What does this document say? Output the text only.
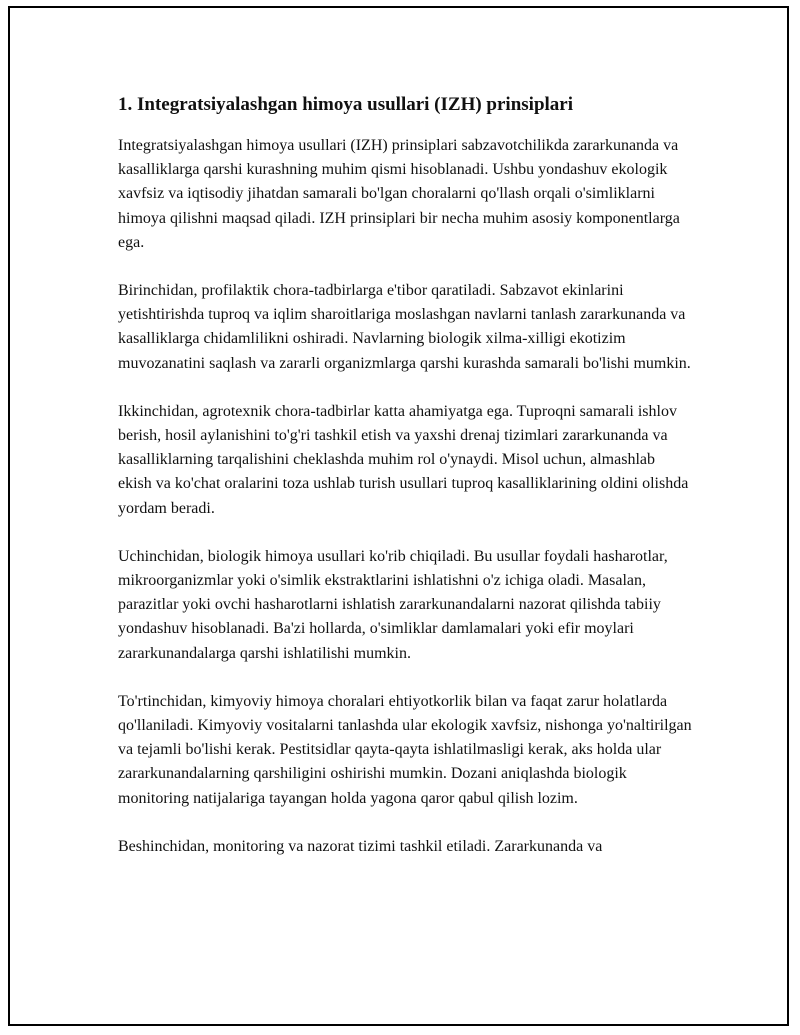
1. Integratsiyalashgan himoya usullari (IZH) prinsiplari

Integratsiyalashgan himoya usullari (IZH) prinsiplari sabzavotchilikda zararkunanda va kasalliklarga qarshi kurashning muhim qismi hisoblanadi. Ushbu yondashuv ekologik xavfsiz va iqtisodiy jihatdan samarali bo'lgan choralarni qo'llash orqali o'simliklarni himoya qilishni maqsad qiladi. IZH prinsiplari bir necha muhim asosiy komponentlarga ega.

Birinchidan, profilaktik chora-tadbirlarga e'tibor qaratiladi. Sabzavot ekinlarini yetishtirishda tuproq va iqlim sharoitlariga moslashgan navlarni tanlash zararkunanda va kasalliklarga chidamlilikni oshiradi. Navlarning biologik xilma-xilligi ekotizim muvozanatini saqlash va zararli organizmlarga qarshi kurashda samarali bo'lishi mumkin.

Ikkinchidan, agrotexnik chora-tadbirlar katta ahamiyatga ega. Tuproqni samarali ishlov berish, hosil aylanishini to'g'ri tashkil etish va yaxshi drenaj tizimlari zararkunanda va kasalliklarning tarqalishini cheklashda muhim rol o'ynaydi. Misol uchun, almashlab ekish va ko'chat oralarini toza ushlab turish usullari tuproq kasalliklarining oldini olishda yordam beradi.

Uchinchidan, biologik himoya usullari ko'rib chiqiladi. Bu usullar foydali hasharotlar, mikroorganizmlar yoki o'simlik ekstraktlarini ishlatishni o'z ichiga oladi. Masalan, parazitlar yoki ovchi hasharotlarni ishlatish zararkunandalarni nazorat qilishda tabiiy yondashuv hisoblanadi. Ba'zi hollarda, o'simliklar damlamalari yoki efir moylari zararkunandalarga qarshi ishlatilishi mumkin.

To'rtinchidan, kimyoviy himoya choralari ehtiyotkorlik bilan va faqat zarur holatlarda qo'llaniladi. Kimyoviy vositalarni tanlashda ular ekologik xavfsiz, nishonga yo'naltirilgan va tejamli bo'lishi kerak. Pestitsidlar qayta-qayta ishlatilmasligi kerak, aks holda ular zararkunandalarning qarshiligini oshirishi mumkin. Dozani aniqlashda biologik monitoring natijalariga tayangan holda yagona qaror qabul qilish lozim.

Beshinchidan, monitoring va nazorat tizimi tashkil etiladi. Zararkunanda va
